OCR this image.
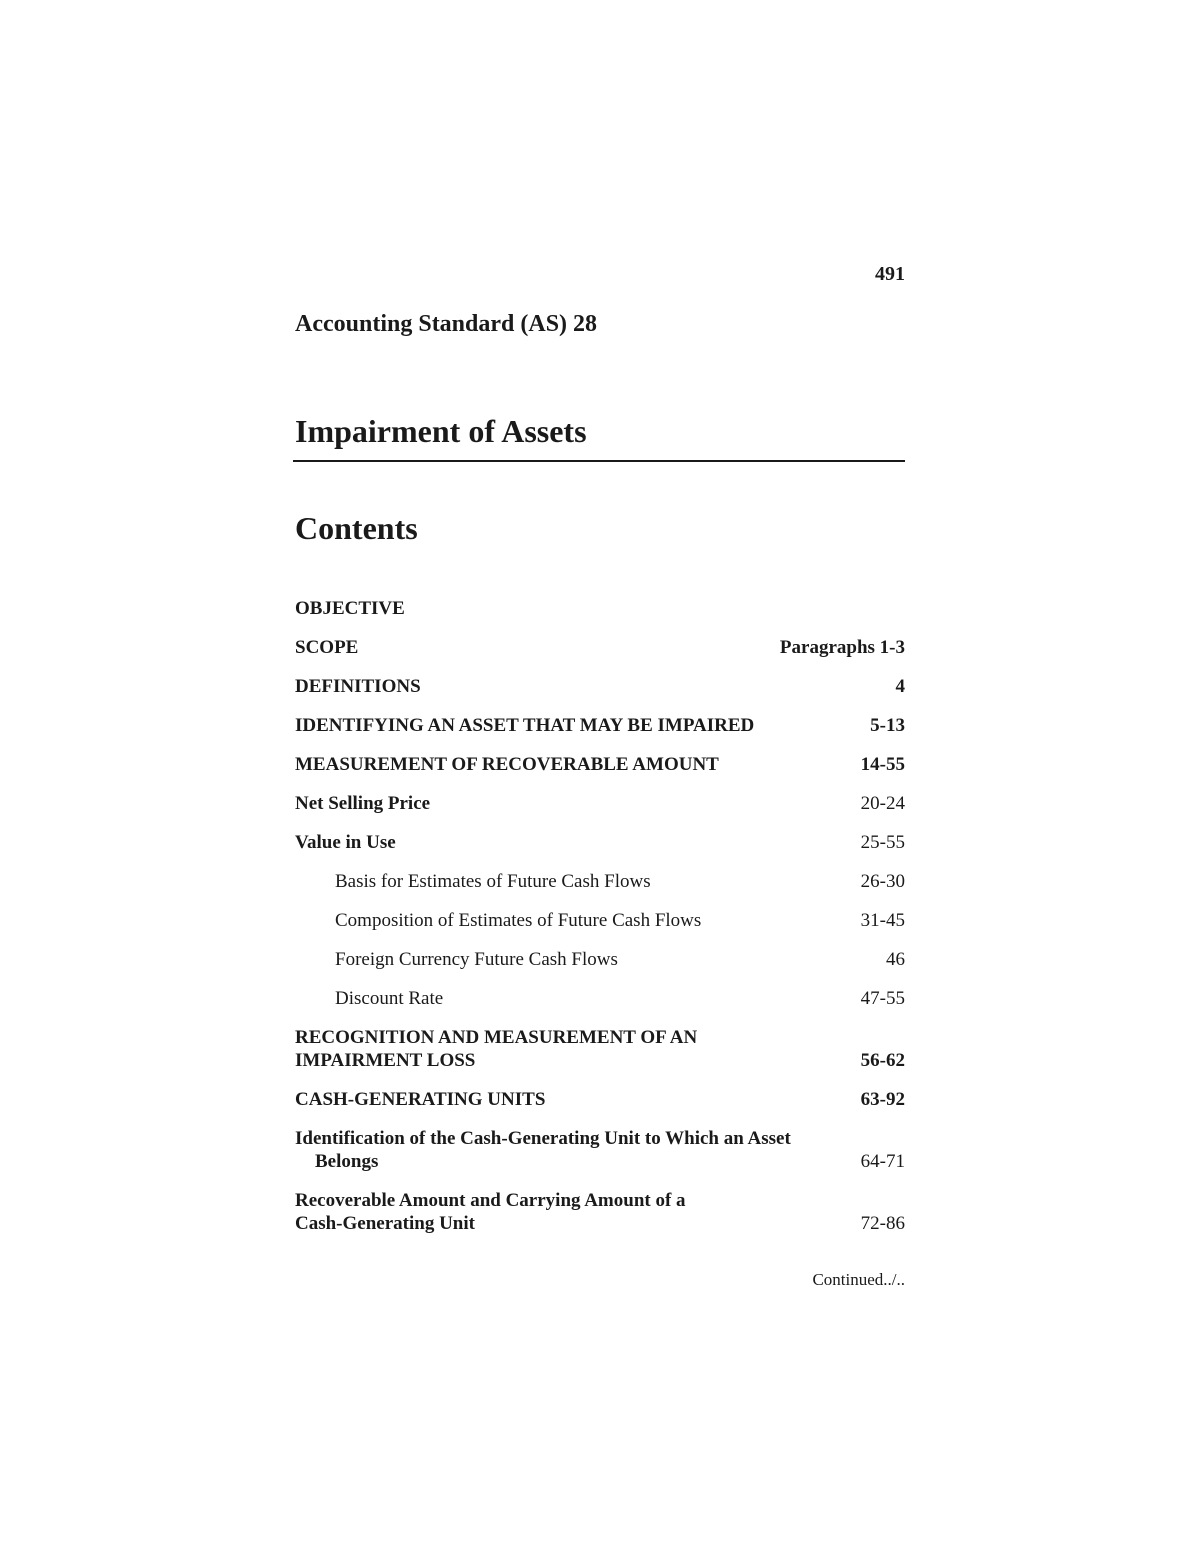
491
Accounting Standard (AS) 28
Impairment of Assets
Contents
OBJECTIVE
SCOPE	Paragraphs 1-3
DEFINITIONS	4
IDENTIFYING AN ASSET THAT MAY BE IMPAIRED	5-13
MEASUREMENT OF RECOVERABLE AMOUNT	14-55
Net Selling Price	20-24
Value in Use	25-55
Basis for Estimates of Future Cash Flows	26-30
Composition of Estimates of Future Cash Flows	31-45
Foreign Currency Future Cash Flows	46
Discount Rate	47-55
RECOGNITION AND MEASUREMENT OF AN IMPAIRMENT LOSS	56-62
CASH-GENERATING UNITS	63-92
Identification of the Cash-Generating Unit to Which an Asset Belongs	64-71
Recoverable Amount and Carrying Amount of a Cash-Generating Unit	72-86
Continued../..
